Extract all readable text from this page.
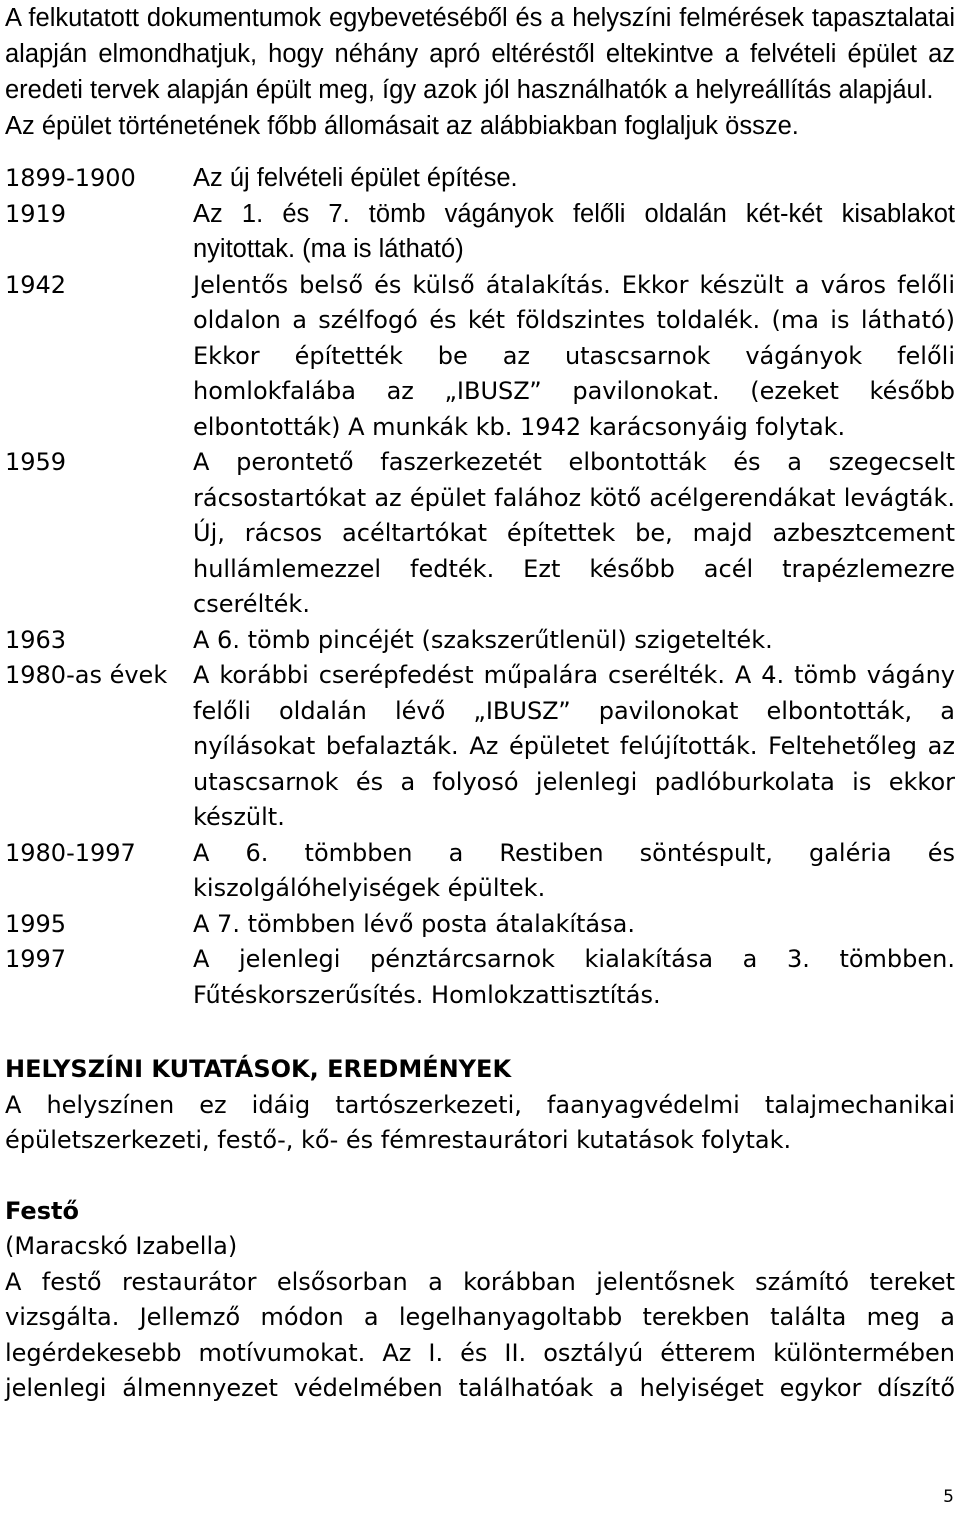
A felkutatott dokumentumok egybevetéséből és a helyszíni felmérések tapasztalatai alapján elmondhatjuk, hogy néhány apró eltéréstől eltekintve a felvételi épület az eredeti tervek alapján épült meg, így azok jól használhatók a helyreállítás alapjául.

Az épület történetének főbb állomásait az alábbiakban foglaljuk össze.

1899-1900	Az új felvételi épület építése.
1919	Az 1. és 7. tömb vágányok felőli oldalán két-két kisablakot nyitottak. (ma is látható)
1942	Jelentős belső és külső átalakítás. Ekkor készült a város felőli oldalon a szélfogó és két földszintes toldalék. (ma is látható) Ekkor építették be az utascsarnok vágányok felőli homlokfalába az „IBUSZ” pavilonokat. (ezeket később elbontották) A munkák kb. 1942 karácsonyáig folytak.
1959	A perontető faszerkezetét elbontották és a szegecselt rácsostartókat az épület falához kötő acélgerendákat levágták. Új, rácsos acéltartókat építettek be, majd azbesztcement hullámlemezzel fedték. Ezt később acél trapézlemezre cserélték.
1963	A 6. tömb pincéjét (szakszerűtlenül) szigetelték.
1980-as évek	A korábbi cserépfedést műpalára cserélték. A 4. tömb vágány felőli oldalán lévő „IBUSZ” pavilonokat elbontották, a nyílásokat befalazták. Az épületet felújították. Feltehetőleg az utascsarnok és a folyosó jelenlegi padlóburkolata is ekkor készült.
1980-1997	A 6. tömbben a Restiben söntéspult, galéria és kiszolgálóhelyiségek épültek.
1995	A 7. tömbben lévő posta átalakítása.
1997	A jelenlegi pénztárcsarnok kialakítása a 3. tömbben. Fűtéskorszerűsítés. Homlokzattisztítás.

HELYSZÍNI KUTATÁSOK, EREDMÉNYEK

A helyszínen ez idáig tartószerkezeti, faanyagvédelmi talajmechanikai épületszerkezeti, festő-, kő- és fémrestaurátori kutatások folytak.

Festő

(Maracskó Izabella)

A festő restaurátor elsősorban a korábban jelentősnek számító tereket vizsgálta. Jellemző módon a legelhanyagoltabb terekben találta meg a legérdekesebb motívumokat. Az I. és II. osztályú étterem különtermében jelenlegi álmennyezet védelmében találhatóak a helyiséget egykor díszítő

5
